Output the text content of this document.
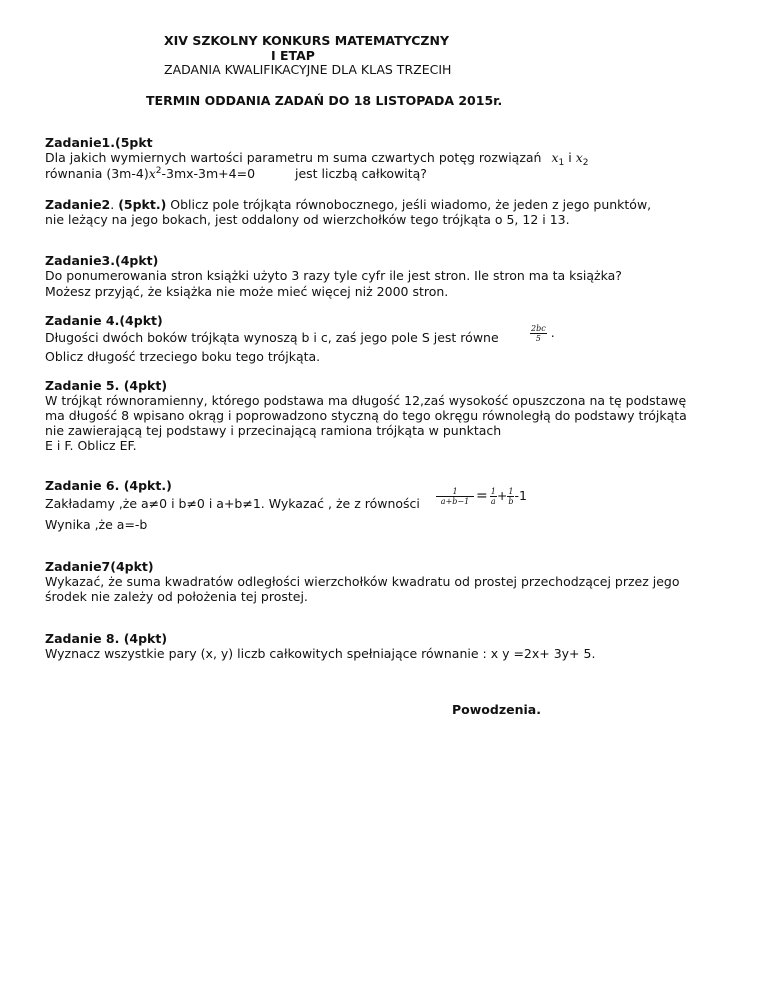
XIV SZKOLNY KONKURS MATEMATYCZNY
I ETAP
ZADANIA KWALIFIKACYJNE DLA KLAS TRZECIH
TERMIN ODDANIA ZADAŃ DO 18 LISTOPADA 2015r.
Zadanie1.(5pkt
Dla jakich wymiernych wartości parametru m suma czwartych potęg rozwiązań $x_1$ i $x_2$
równania $(3m-4)x^2-3mx-3m+4=0$	jest liczbą całkowitą?
Zadanie2. (5pkt.) Oblicz pole trójkąta równobocznego, jeśli wiadomo, że jeden z jego punktów,
nie leżący na jego bokach, jest oddalony od wierzchołków tego trójkąta o 5, 12 i 13.
Zadanie3.(4pkt)
Do ponumerowania stron książki użyto 3 razy tyle cyfr ile jest stron. Ile stron ma ta książka?
Możesz przyjąć, że książka nie może mieć więcej niż 2000 stron.
Zadanie 4.(4pkt)
Długości dwóch boków trójkąta wynoszą b i c, zaś jego pole S jest równe	$\frac{2bc}{5}$ .
Oblicz długość trzeciego boku tego trójkąta.
Zadanie 5. (4pkt)
W trójkąt równoramienny, którego podstawa ma długość 12,zaś wysokość opuszczona na tę podstawę
ma długość 8 wpisano okrąg i poprowadzono styczną do tego okręgu równoległą do podstawy trójkąta
nie zawierającą tej podstawy i przecinającą ramiona trójkąta w punktach
E i F. Oblicz EF.
Zadanie 6. (4pkt.)
Zakładamy ,że a≠0 i b≠0 i a+b≠1. Wykazać , że z równości $\frac{1}{a+b-1} = \frac{1}{a} + \frac{1}{b} -1$
Wynika ,że a=-b
Zadanie7(4pkt)
Wykazać, że suma kwadratów odległości wierzchołków kwadratu od prostej przechodzącej przez jego
środek nie zależy od położenia tej prostej.
Zadanie 8. (4pkt)
Wyznacz wszystkie pary (x, y) liczb całkowitych spełniające równanie : x y =2x+ 3y+ 5.
Powodzenia.
